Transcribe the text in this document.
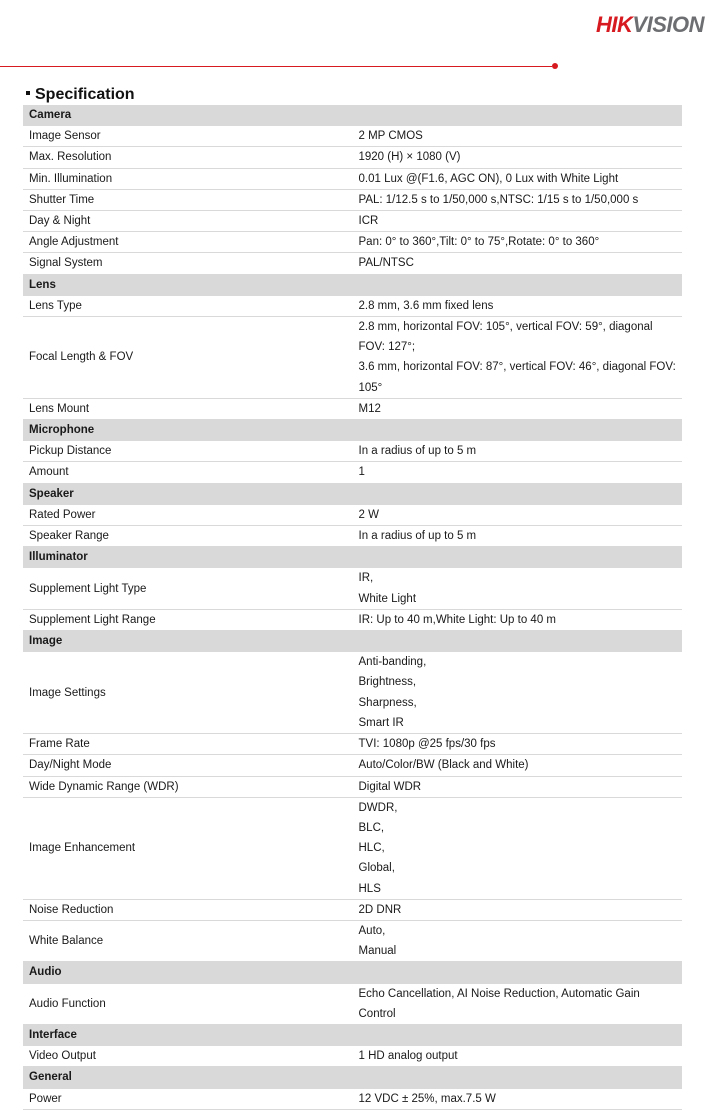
HIKVISION
Specification
Camera	
Image Sensor	2 MP CMOS

Max. Resolution	1920 (H) × 1080 (V)

Min. Illumination	0.01 Lux @(F1.6, AGC ON), 0 Lux with White Light

Shutter Time	PAL: 1/12.5 s to 1/50,000 s,NTSC: 1/15 s to 1/50,000 s

Day & Night	ICR

Angle Adjustment	Pan: 0° to 360°,Tilt: 0° to 75°,Rotate: 0° to 360°

Signal System	PAL/NTSC

Lens	
Lens Type	2.8 mm, 3.6 mm fixed lens

Focal Length & FOV	2.8 mm, horizontal FOV: 105°, vertical FOV: 59°, diagonal FOV: 127°;
3.6 mm, horizontal FOV: 87°, vertical FOV: 46°, diagonal FOV: 105°

Lens Mount	M12

Microphone	
Pickup Distance	In a radius of up to 5 m

Amount	1

Speaker	
Rated Power	2 W

Speaker Range	In a radius of up to 5 m

Illuminator	
Supplement Light Type	IR,
White Light

Supplement Light Range	IR: Up to 40 m,White Light: Up to 40 m

Image	
Image Settings	Anti-banding,
Brightness,
Sharpness,
Smart IR

Frame Rate	TVI: 1080p @25 fps/30 fps

Day/Night Mode	Auto/Color/BW (Black and White)

Wide Dynamic Range (WDR)	Digital WDR

Image Enhancement	DWDR,
BLC,
HLC,
Global,
HLS

Noise Reduction	2D DNR

White Balance	Auto,
Manual

Audio	
Audio Function	Echo Cancellation, AI Noise Reduction, Automatic Gain Control

Interface	
Video Output	1 HD analog output

General	
Power	12 VDC ± 25%, max.7.5 W
